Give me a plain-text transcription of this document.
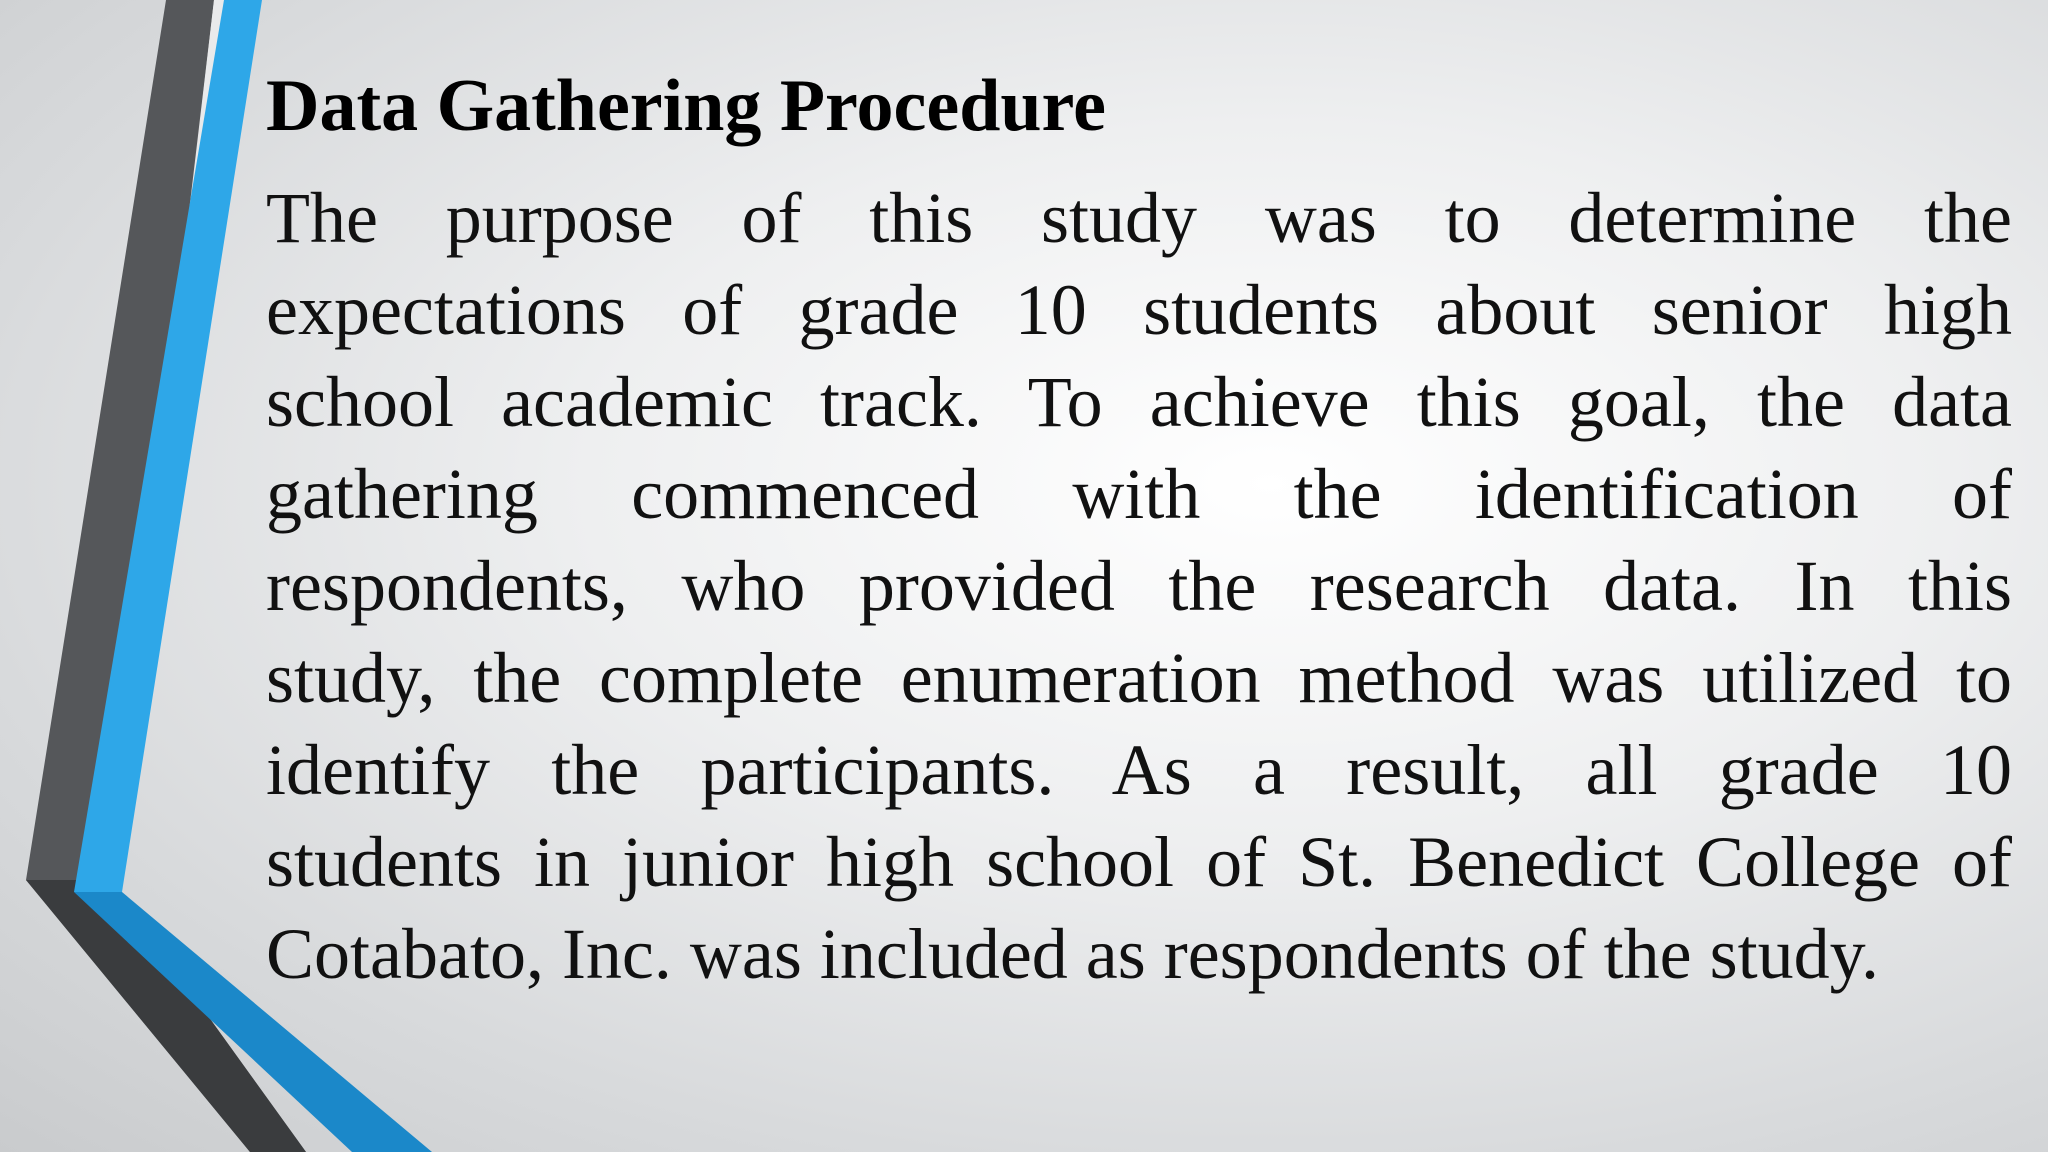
Data Gathering Procedure
The purpose of this study was to determine the
expectations of grade 10 students about senior high
school academic track. To achieve this goal, the data
gathering commenced with the identification of
respondents, who provided the research data. In this
study, the complete enumeration method was utilized to
identify the participants. As a result, all grade 10
students in junior high school of St. Benedict College of
Cotabato, Inc. was included as respondents of the study.
